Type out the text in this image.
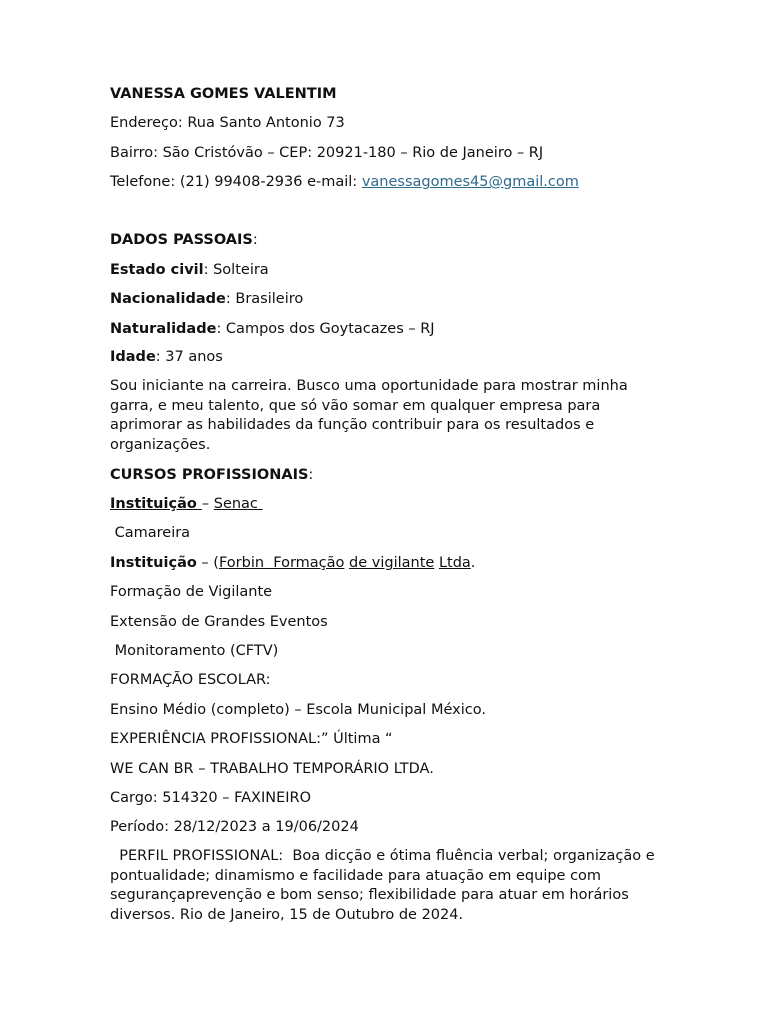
VANESSA GOMES VALENTIM
Endereço: Rua Santo Antonio 73
Bairro: São Cristóvão – CEP: 20921-180 – Rio de Janeiro – RJ
Telefone: (21) 99408-2936 e-mail: vanessagomes45@gmail.com
DADOS PASSOAIS:
Estado civil: Solteira
Nacionalidade: Brasileiro
Naturalidade: Campos dos Goytacazes – RJ
Idade: 37 anos
Sou iniciante na carreira. Busco uma oportunidade para mostrar minha garra, e meu talento, que só vão somar em qualquer empresa para aprimorar as habilidades da função contribuir para os resultados e organizações.
CURSOS PROFISSIONAIS:
Instituição – Senac
Camareira
Instituição – (Forbin  Formação de vigilante Ltda.
Formação de Vigilante
Extensão de Grandes Eventos
Monitoramento (CFTV)
FORMAÇÃO ESCOLAR:
Ensino Médio (completo) – Escola Municipal México.
EXPERIÊNCIA PROFISSIONAL:” Última “
WE CAN BR – TRABALHO TEMPORÁRIO LTDA.
Cargo: 514320 – FAXINEIRO
Período: 28/12/2023 a 19/06/2024
PERFIL PROFISSIONAL:  Boa dicção e ótima fluência verbal; organização e pontualidade; dinamismo e facilidade para atuação em equipe com segurançaprevenção e bom senso; flexibilidade para atuar em horários diversos. Rio de Janeiro, 15 de Outubro de 2024.
